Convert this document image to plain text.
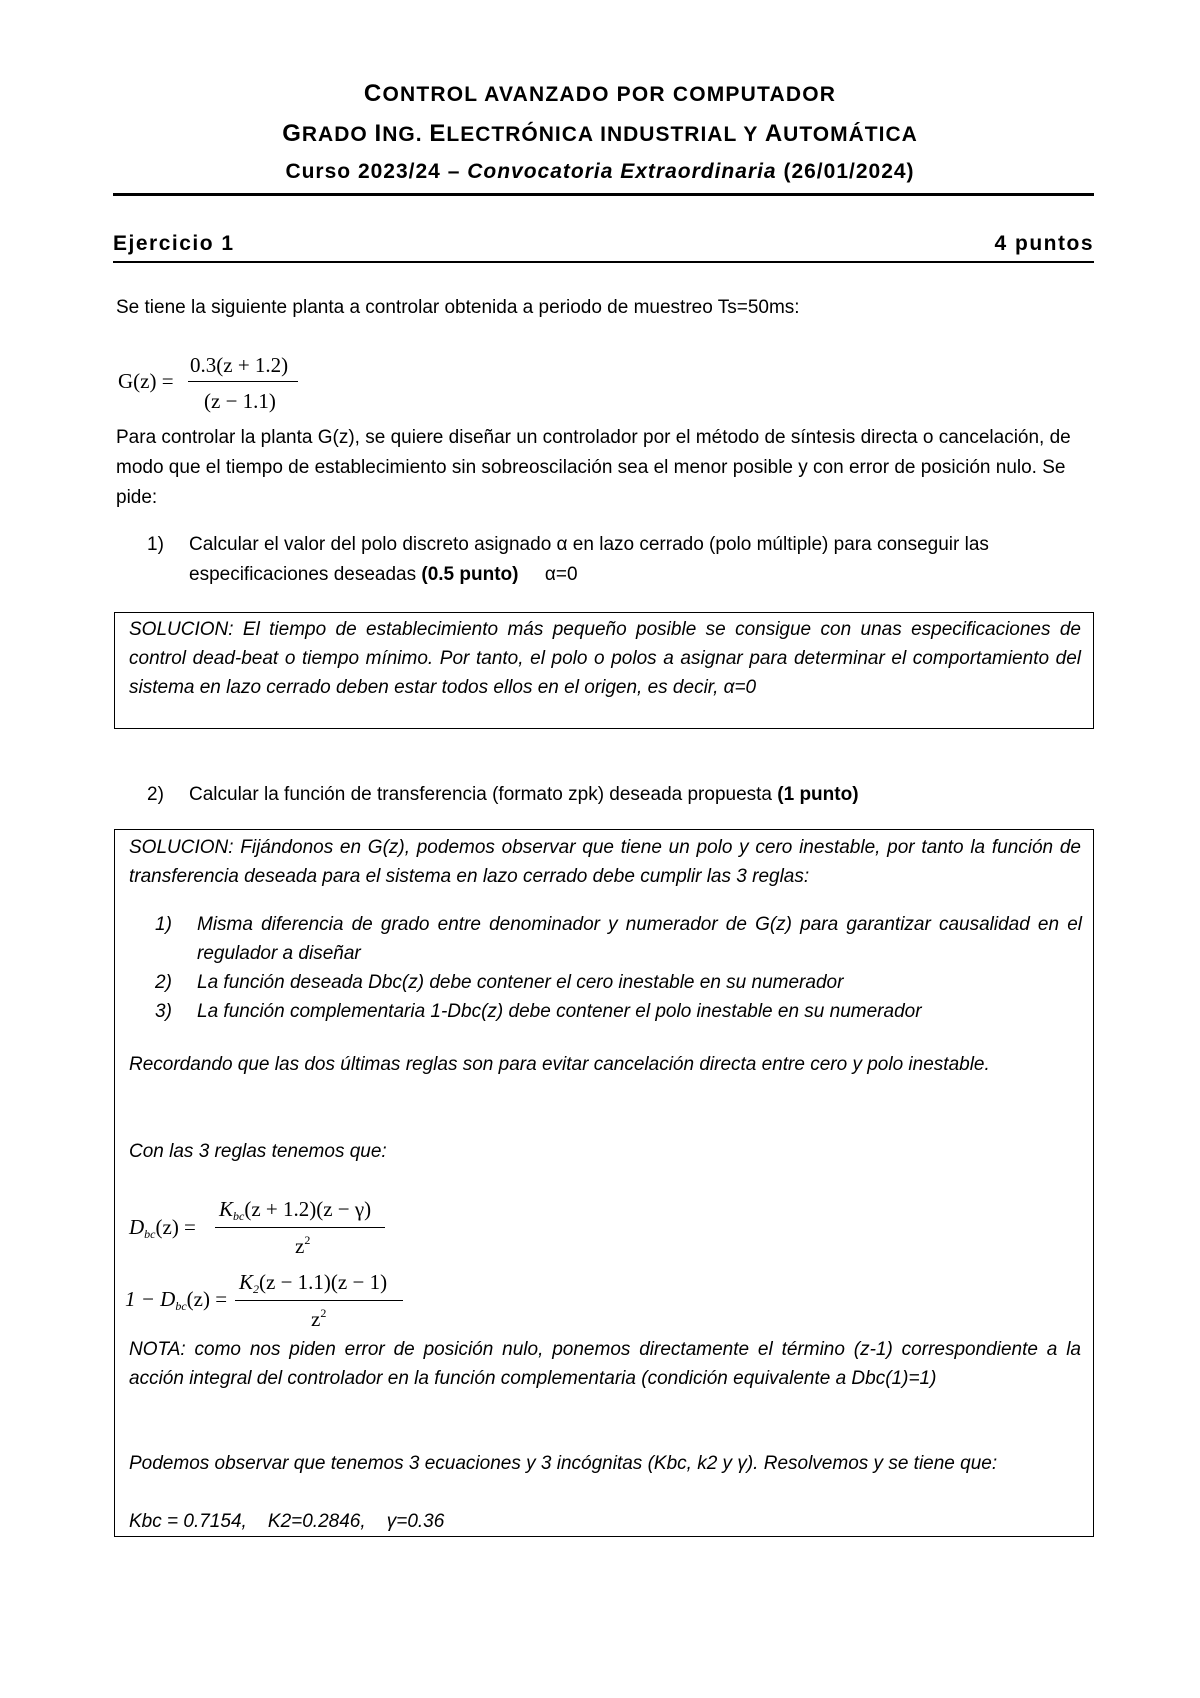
CONTROL AVANZADO POR COMPUTADOR
GRADO ING. ELECTRÓNICA INDUSTRIAL Y AUTOMÁTICA
Curso 2023/24 – Convocatoria Extraordinaria (26/01/2024)
Ejercicio 1	4 puntos
Se tiene la siguiente planta a controlar obtenida a periodo de muestreo Ts=50ms:
G(z) =
0.3(z + 1.2)
(z − 1.1)
Para controlar la planta G(z), se quiere diseñar un controlador por el método de síntesis directa o cancelación, de modo que el tiempo de establecimiento sin sobreoscilación sea el menor posible y con error de posición nulo. Se pide:
1) Calcular el valor del polo discreto asignado α en lazo cerrado (polo múltiple) para conseguir las especificaciones deseadas (0.5 punto) α=0
SOLUCION: El tiempo de establecimiento más pequeño posible se consigue con unas especificaciones de control dead-beat o tiempo mínimo. Por tanto, el polo o polos a asignar para determinar el comportamiento del sistema en lazo cerrado deben estar todos ellos en el origen, es decir, α=0
2) Calcular la función de transferencia (formato zpk) deseada propuesta (1 punto)
SOLUCION: Fijándonos en G(z), podemos observar que tiene un polo y cero inestable, por tanto la función de transferencia deseada para el sistema en lazo cerrado debe cumplir las 3 reglas:
1) Misma diferencia de grado entre denominador y numerador de G(z) para garantizar causalidad en el regulador a diseñar
2) La función deseada Dbc(z) debe contener el cero inestable en su numerador
3) La función complementaria 1-Dbc(z) debe contener el polo inestable en su numerador
Recordando que las dos últimas reglas son para evitar cancelación directa entre cero y polo inestable.
Con las 3 reglas tenemos que:
$D_{bc}(z)$ =
$K_{bc}(z + 1.2)(z - \gamma)$
$z^2$
$1 - D_{bc}(z)$ =
$K_2(z - 1.1)(z - 1)$
$z^2$
NOTA: como nos piden error de posición nulo, ponemos directamente el término (z-1) correspondiente a la acción integral del controlador en la función complementaria (condición equivalente a Dbc(1)=1)
Podemos observar que tenemos 3 ecuaciones y 3 incógnitas (Kbc, k2 y γ). Resolvemos y se tiene que:
Kbc = 0.7154,    K2=0.2846,    γ=0.36
